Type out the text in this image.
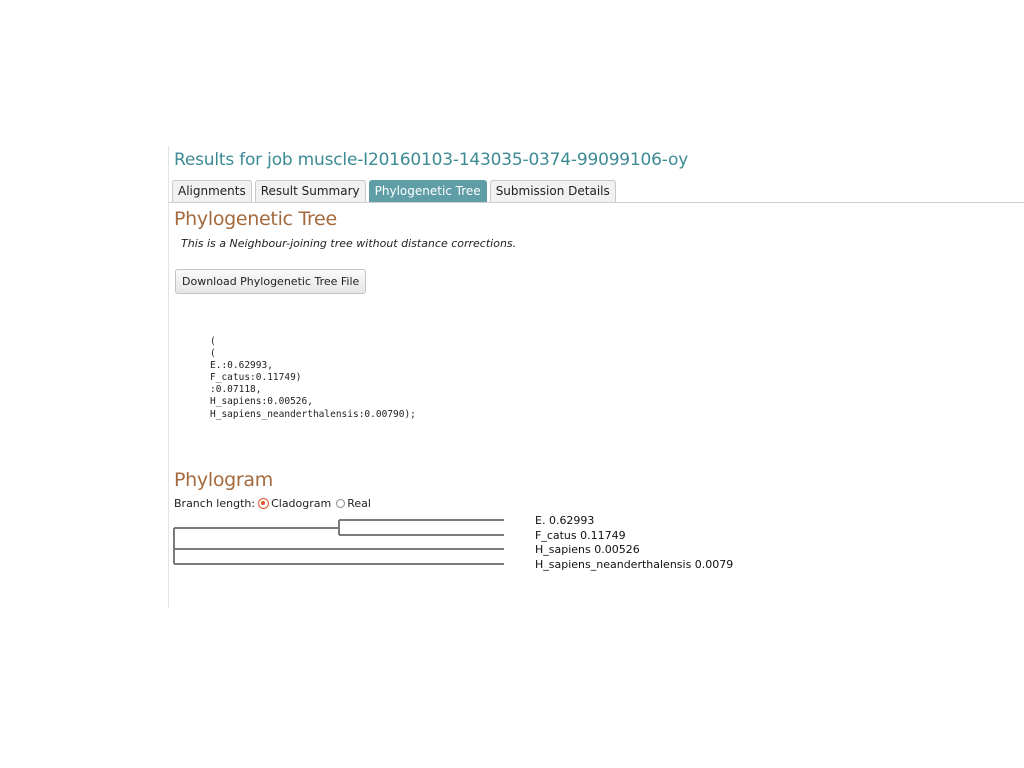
Results for job muscle-I20160103-143035-0374-99099106-oy
Alignments	Result Summary	Phylogenetic Tree	Submission Details
Phylogenetic Tree

This is a Neighbour-joining tree without distance corrections.

Download Phylogenetic Tree File
(
(
E.:0.62993,
F_catus:0.11749)
:0.07118,
H_sapiens:0.00526,
H_sapiens_neanderthalensis:0.00790);
Phylogram
Branch length: Cladogram Real
E. 0.62993
F_catus 0.11749
H_sapiens 0.00526
H_sapiens_neanderthalensis 0.0079
